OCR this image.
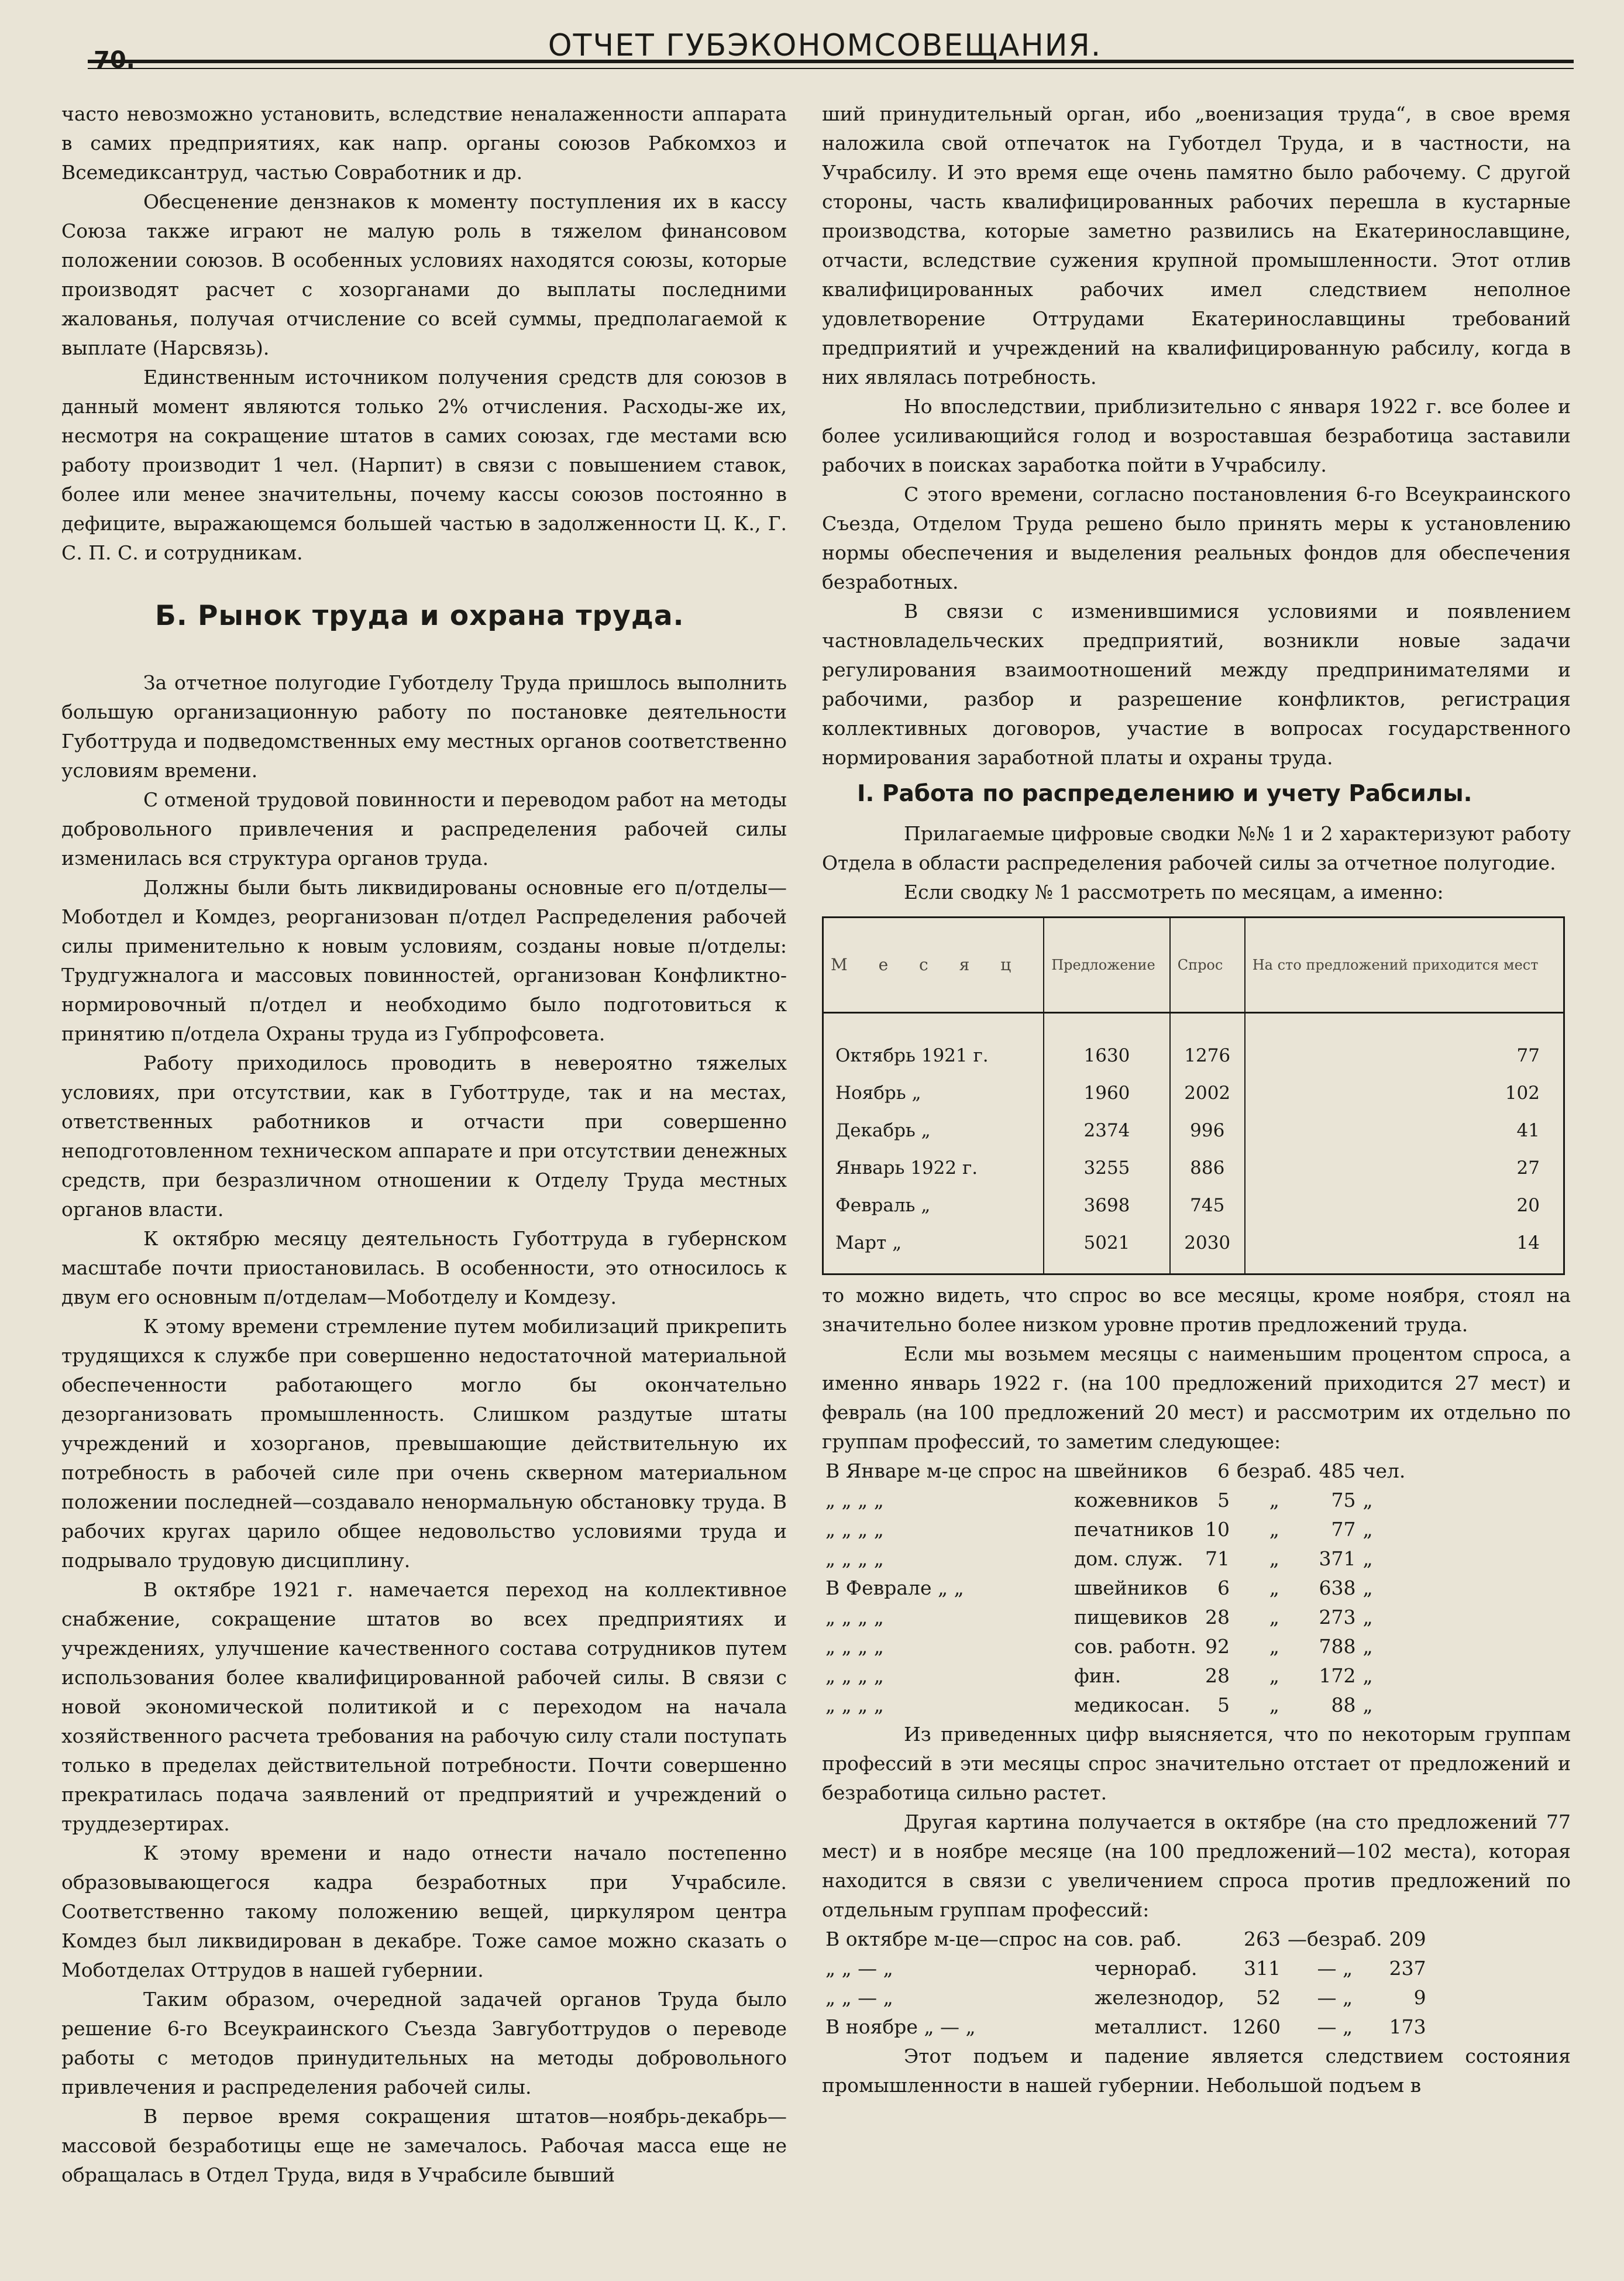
70.	ОТЧЕТ ГУБЭКОНОМСОВЕЩАНИЯ.

часто невозможно установить, вследствие неналаженности аппарата в самих предприятиях, как напр. органы союзов Рабкомхоз и Всемедиксантруд, частью Совработник и др.

Обесценение дензнаков к моменту поступления их в кассу Союза также играют не малую роль в тяжелом финансовом положении союзов. В особенных условиях находятся союзы, которые производят расчет с хозорганами до выплаты последними жалованья, получая отчисление со всей суммы, предполагаемой к выплате (Нарсвязь).

Единственным источником получения средств для союзов в данный момент являются только 2% отчисления. Расходы-же их, несмотря на сокращение штатов в самих союзах, где местами всю работу производит 1 чел. (Нарпит) в связи с повышением ставок, более или менее значительны, почему кассы союзов постоянно в дефиците, выражающемся большей частью в задолженности Ц. К., Г. С. П. С. и сотрудникам.

Б. Рынок труда и охрана труда.

За отчетное полугодие Губотделу Труда пришлось выполнить большую организационную работу по постановке деятельности Губоттруда и подведомственных ему местных органов соответственно условиям времени.

С отменой трудовой повинности и переводом работ на методы добровольного привлечения и распределения рабочей силы изменилась вся структура органов труда.

Должны были быть ликвидированы основные его п/отделы—Моботдел и Комдез, реорганизован п/отдел Распределения рабочей силы применительно к новым условиям, созданы новые п/отделы: Трудгужналога и массовых повинностей, организован Конфликтно-нормировочный п/отдел и необходимо было подготовиться к принятию п/отдела Охраны труда из Губпрофсовета.

Работу приходилось проводить в невероятно тяжелых условиях, при отсутствии, как в Губоттруде, так и на местах, ответственных работников и отчасти при совершенно неподготовленном техническом аппарате и при отсутствии денежных средств, при безразличном отношении к Отделу Труда местных органов власти.

К октябрю месяцу деятельность Губоттруда в губернском масштабе почти приостановилась. В особенности, это относилось к двум его основным п/отделам—Моботделу и Комдезу.

К этому времени стремление путем мобилизаций прикрепить трудящихся к службе при совершенно недостаточной материальной обеспеченности работающего могло бы окончательно дезорганизовать промышленность. Слишком раздутые штаты учреждений и хозорганов, превышающие действительную их потребность в рабочей силе при очень скверном материальном положении последней—создавало ненормальную обстановку труда. В рабочих кругах царило общее недовольство условиями труда и подрывало трудовую дисциплину.

В октябре 1921 г. намечается переход на коллективное снабжение, сокращение штатов во всех предприятиях и учреждениях, улучшение качественного состава сотрудников путем использования более квалифицированной рабочей силы. В связи с новой экономической политикой и с переходом на начала хозяйственного расчета требования на рабочую силу стали поступать только в пределах действительной потребности. Почти совершенно прекратилась подача заявлений от предприятий и учреждений о труддезертирах.

К этому времени и надо отнести начало постепенно образовывающегося кадра безработных при Учрабсиле. Соответственно такому положению вещей, циркуляром центра Комдез был ликвидирован в декабре. Тоже самое можно сказать о Моботделах Оттрудов в нашей губернии.

Таким образом, очередной задачей органов Труда было решение 6-го Всеукраинского Съезда Завгуботтрудов о переводе работы с методов принудительных на методы добровольного привлечения и распределения рабочей силы.

В первое время сокращения штатов—ноябрь-декабрь—массовой безработицы еще не замечалось. Рабочая масса еще не обращалась в Отдел Труда, видя в Учрабсиле бывший

ший принудительный орган, ибо „военизация труда“, в свое время наложила свой отпечаток на Губотдел Труда, и в частности, на Учрабсилу. И это время еще очень памятно было рабочему. С другой стороны, часть квалифицированных рабочих перешла в кустарные производства, которые заметно развились на Екатеринославщине, отчасти, вследствие сужения крупной промышленности. Этот отлив квалифицированных рабочих имел следствием неполное удовлетворение Оттрудами Екатеринославщины требований предприятий и учреждений на квалифицированную рабсилу, когда в них являлась потребность.

Но впоследствии, приблизительно с января 1922 г. все более и более усиливающийся голод и возроставшая безработица заставили рабочих в поисках заработка пойти в Учрабсилу.

С этого времени, согласно постановления 6-го Всеукраинского Съезда, Отделом Труда решено было принять меры к установлению нормы обеспечения и выделения реальных фондов для обеспечения безработных.

В связи с изменившимися условиями и появлением частновладельческих предприятий, возникли новые задачи регулирования взаимоотношений между предпринимателями и рабочими, разбор и разрешение конфликтов, регистрация коллективных договоров, участие в вопросах государственного нормирования заработной платы и охраны труда.

I. Работа по распределению и учету Рабсилы.

Прилагаемые цифровые сводки №№ 1 и 2 характеризуют работу Отдела в области распределения рабочей силы за отчетное полугодие.

Если сводку № 1 рассмотреть по месяцам, а именно:

М е с я ц	Предложение	Спрос	На сто предложений приходится мест
Октябрь 1921 г.	1630	1276	77
Ноябрь „	1960	2002	102
Декабрь „	2374	996	41
Январь 1922 г.	3255	886	27
Февраль „	3698	745	20
Март „	5021	2030	14

то можно видеть, что спрос во все месяцы, кроме ноября, стоял на значительно более низком уровне против предложений труда.

Если мы возьмем месяцы с наименьшим процентом спроса, а именно январь 1922 г. (на 100 предложений приходится 27 мест) и февраль (на 100 предложений 20 мест) и рассмотрим их отдельно по группам профессий, то заметим следующее:

В Январе м-це спрос на	швейников	6	безраб.	485	чел.
„ „ „ „	кожевников	5	„	75	„
„ „ „ „	печатников	10	„	77	„
„ „ „ „	дом. служ.	71	„	371	„
В Феврале „ „	швейников	6	„	638	„
„ „ „ „	пищевиков	28	„	273	„
„ „ „ „	сов. работн.	92	„	788	„
„ „ „ „	фин.	28	„	172	„
„ „ „ „	медикосан.	5	„	88	„

Из приведенных цифр выясняется, что по некоторым группам профессий в эти месяцы спрос значительно отстает от предложений и безработица сильно растет.

Другая картина получается в октябре (на сто предложений 77 мест) и в ноябре месяце (на 100 предложений—102 места), которая находится в связи с увеличением спроса против предложений по отдельным группам профессий:

В октябре м-це—спрос на	сов. раб.	263	—безраб.	209
„ „ — „	чернораб.	311	— „	237
„ „ — „	железнодор,	52	— „	9
В ноябре „ — „	металлист.	1260	— „	173

Этот подъем и падение является следствием состояния промышленности в нашей губернии. Небольшой подъем в
